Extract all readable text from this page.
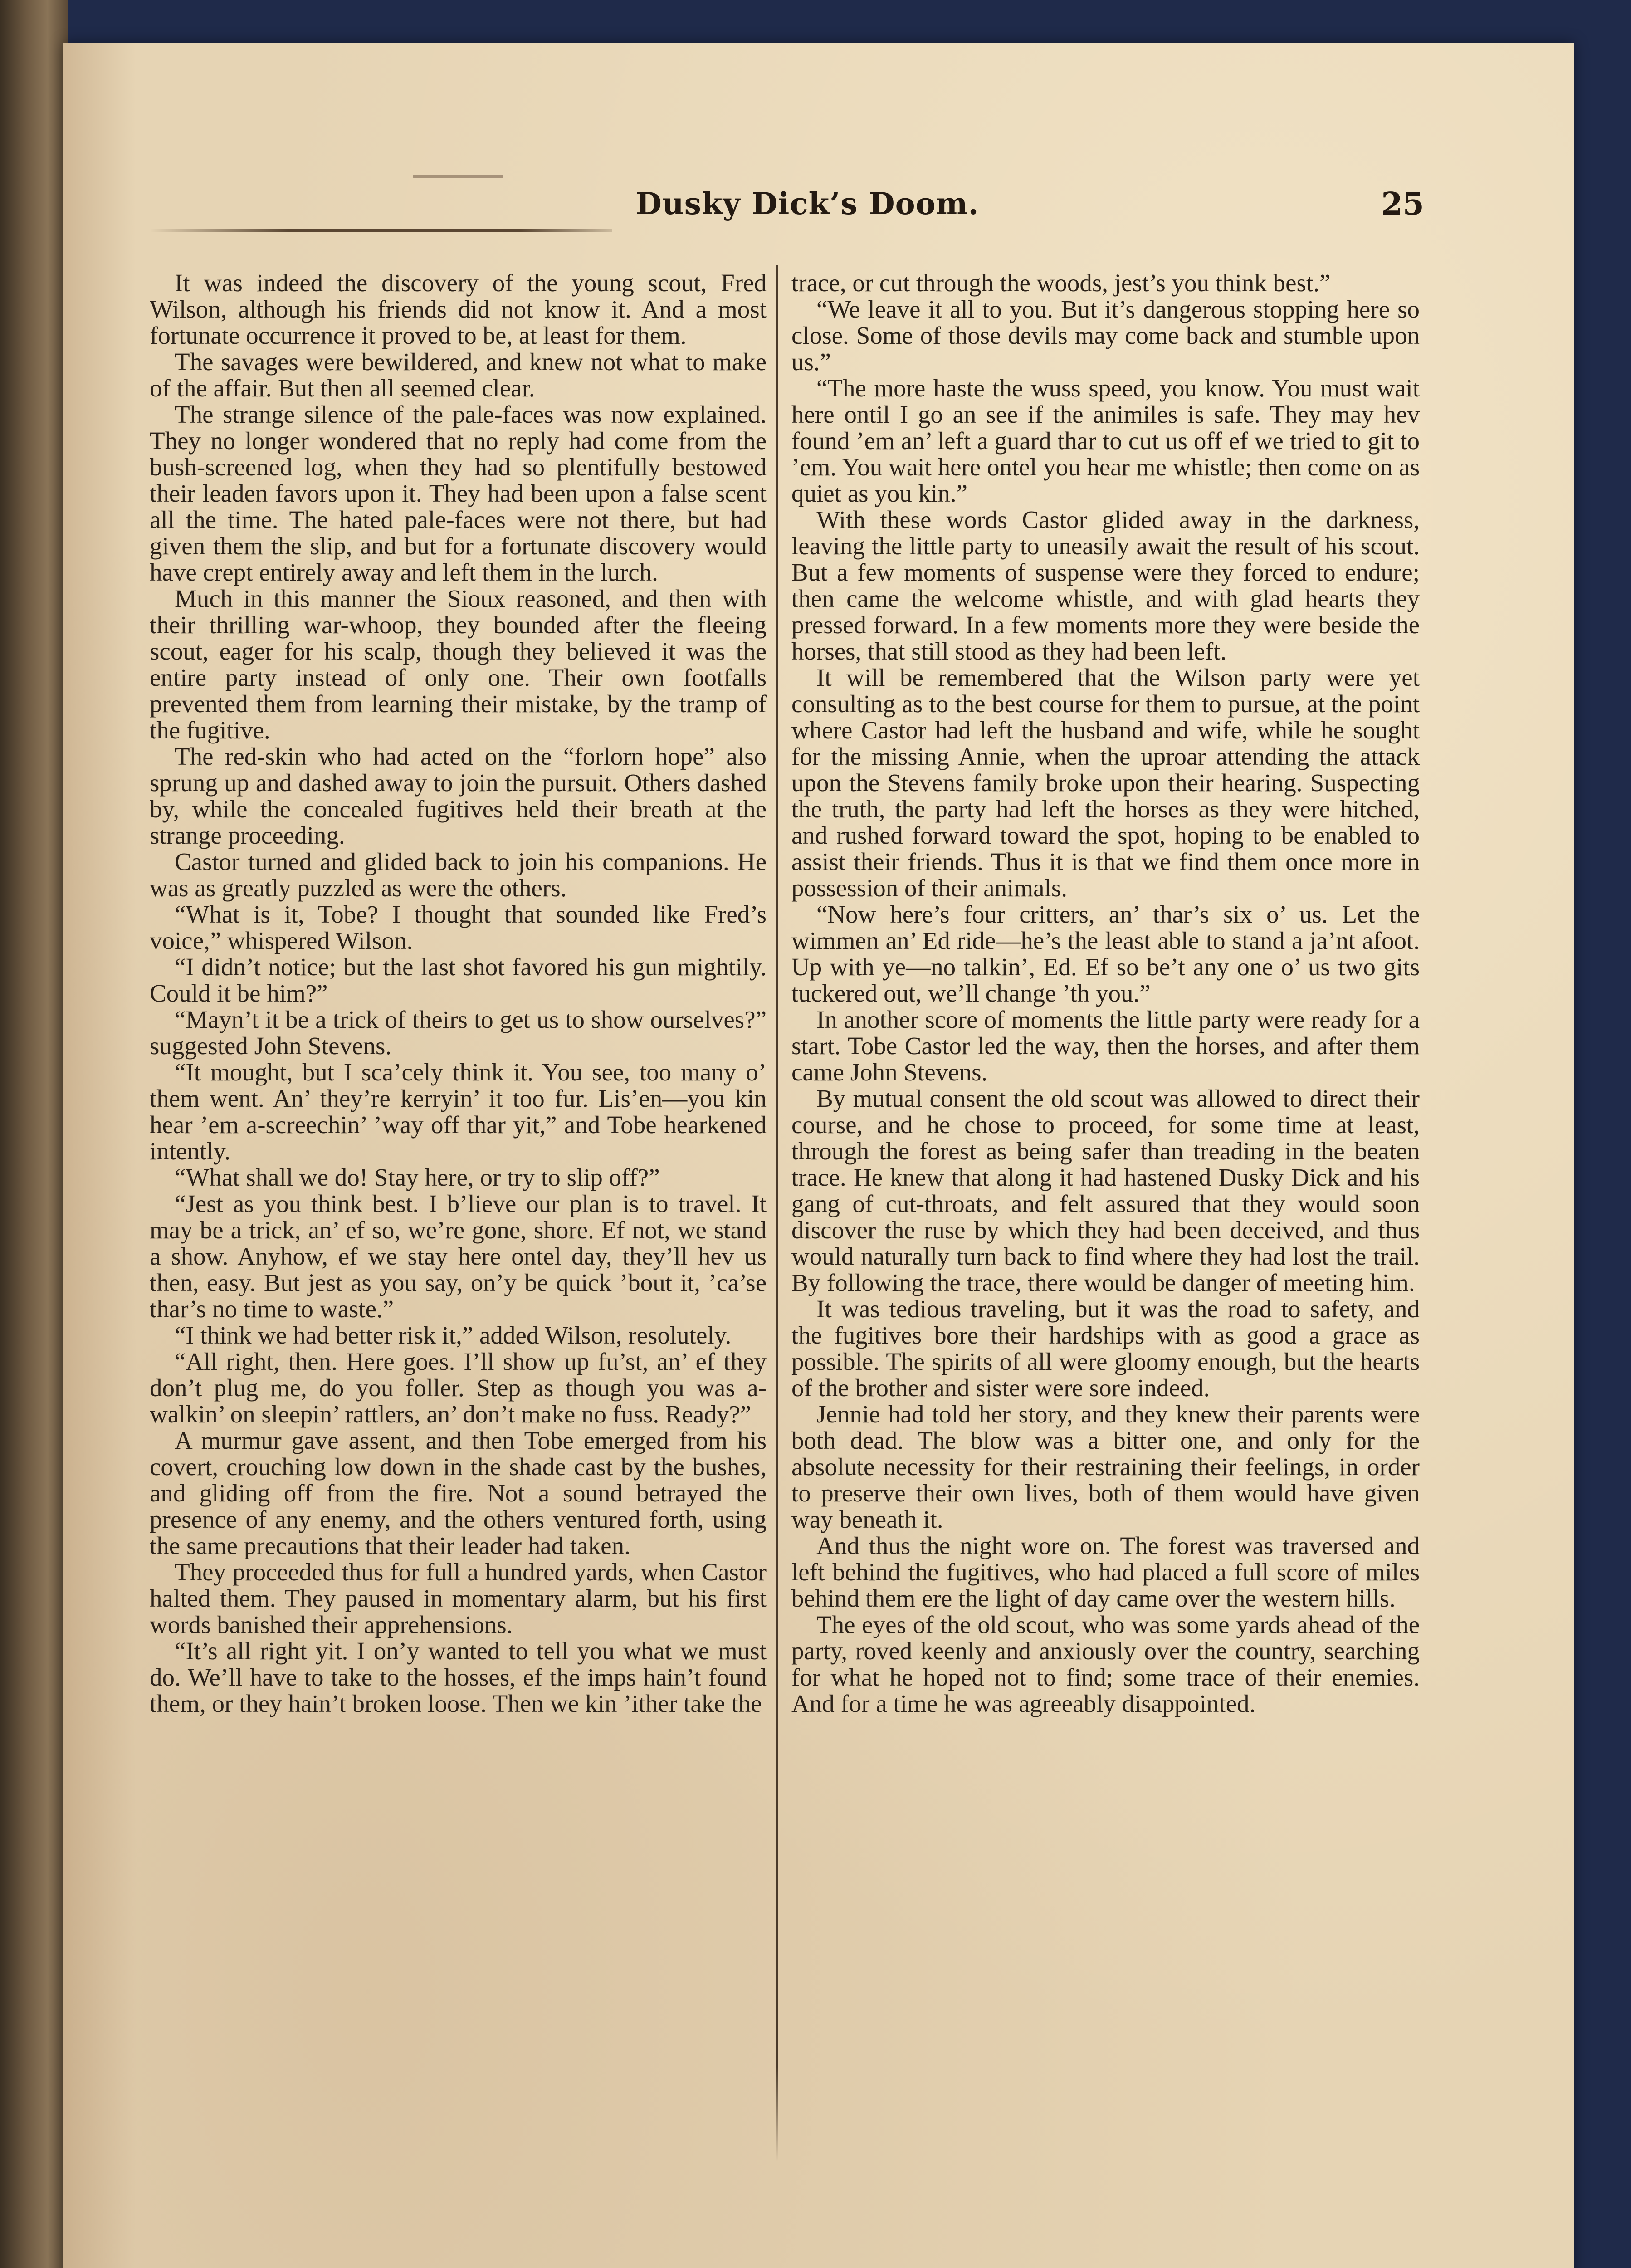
Dusky Dick’s Doom.	25

It was indeed the discovery of the young scout, Fred Wilson, although his friends did not know it. And a most fortunate occurrence it proved to be, at least for them.

The savages were bewildered, and knew not what to make of the affair. But then all seemed clear.

The strange silence of the pale-faces was now explained. They no longer wondered that no reply had come from the bush-screened log, when they had so plentifully bestowed their leaden favors upon it. They had been upon a false scent all the time. The hated pale-faces were not there, but had given them the slip, and but for a fortunate discovery would have crept entirely away and left them in the lurch.

Much in this manner the Sioux reasoned, and then with their thrilling war-whoop, they bounded after the fleeing scout, eager for his scalp, though they believed it was the entire party instead of only one. Their own footfalls prevented them from learning their mistake, by the tramp of the fugitive.

The red-skin who had acted on the “forlorn hope” also sprung up and dashed away to join the pursuit. Others dashed by, while the concealed fugitives held their breath at the strange proceeding.

Castor turned and glided back to join his companions. He was as greatly puzzled as were the others.

“What is it, Tobe? I thought that sounded like Fred’s voice,” whispered Wilson.

“I didn’t notice; but the last shot favored his gun mightily. Could it be him?”

“Mayn’t it be a trick of theirs to get us to show ourselves?” suggested John Stevens.

“It mought, but I sca’cely think it. You see, too many o’ them went. An’ they’re kerryin’ it too fur. Lis’en—you kin hear ’em a-screechin’ ’way off thar yit,” and Tobe hearkened intently.

“What shall we do! Stay here, or try to slip off?”

“Jest as you think best. I b’lieve our plan is to travel. It may be a trick, an’ ef so, we’re gone, shore. Ef not, we stand a show. Anyhow, ef we stay here ontel day, they’ll hev us then, easy. But jest as you say, on’y be quick ’bout it, ’ca’se thar’s no time to waste.”

“I think we had better risk it,” added Wilson, resolutely.

“All right, then. Here goes. I’ll show up fu’st, an’ ef they don’t plug me, do you foller. Step as though you was a-walkin’ on sleepin’ rattlers, an’ don’t make no fuss. Ready?”

A murmur gave assent, and then Tobe emerged from his covert, crouching low down in the shade cast by the bushes, and gliding off from the fire. Not a sound betrayed the presence of any enemy, and the others ventured forth, using the same precautions that their leader had taken.

They proceeded thus for full a hundred yards, when Castor halted them. They paused in momentary alarm, but his first words banished their apprehensions.

“It’s all right yit. I on’y wanted to tell you what we must do. We’ll have to take to the hosses, ef the imps hain’t found them, or they hain’t broken loose. Then we kin ’ither take the

trace, or cut through the woods, jest’s you think best.”

“We leave it all to you. But it’s dangerous stopping here so close. Some of those devils may come back and stumble upon us.”

“The more haste the wuss speed, you know. You must wait here ontil I go an see if the animiles is safe. They may hev found ’em an’ left a guard thar to cut us off ef we tried to git to ’em. You wait here ontel you hear me whistle; then come on as quiet as you kin.”

With these words Castor glided away in the darkness, leaving the little party to uneasily await the result of his scout. But a few moments of suspense were they forced to endure; then came the welcome whistle, and with glad hearts they pressed forward. In a few moments more they were beside the horses, that still stood as they had been left.

It will be remembered that the Wilson party were yet consulting as to the best course for them to pursue, at the point where Castor had left the husband and wife, while he sought for the missing Annie, when the uproar attending the attack upon the Stevens family broke upon their hearing. Suspecting the truth, the party had left the horses as they were hitched, and rushed forward toward the spot, hoping to be enabled to assist their friends. Thus it is that we find them once more in possession of their animals.

“Now here’s four critters, an’ thar’s six o’ us. Let the wimmen an’ Ed ride—he’s the least able to stand a ja’nt afoot. Up with ye—no talkin’, Ed. Ef so be’t any one o’ us two gits tuckered out, we’ll change ’th you.”

In another score of moments the little party were ready for a start. Tobe Castor led the way, then the horses, and after them came John Stevens.

By mutual consent the old scout was allowed to direct their course, and he chose to proceed, for some time at least, through the forest as being safer than treading in the beaten trace. He knew that along it had hastened Dusky Dick and his gang of cut-throats, and felt assured that they would soon discover the ruse by which they had been deceived, and thus would naturally turn back to find where they had lost the trail. By following the trace, there would be danger of meeting him.

It was tedious traveling, but it was the road to safety, and the fugitives bore their hardships with as good a grace as possible. The spirits of all were gloomy enough, but the hearts of the brother and sister were sore indeed.

Jennie had told her story, and they knew their parents were both dead. The blow was a bitter one, and only for the absolute necessity for their restraining their feelings, in order to preserve their own lives, both of them would have given way beneath it.

And thus the night wore on. The forest was traversed and left behind the fugitives, who had placed a full score of miles behind them ere the light of day came over the western hills.

The eyes of the old scout, who was some yards ahead of the party, roved keenly and anxiously over the country, searching for what he hoped not to find; some trace of their enemies. And for a time he was agreeably disappointed.
